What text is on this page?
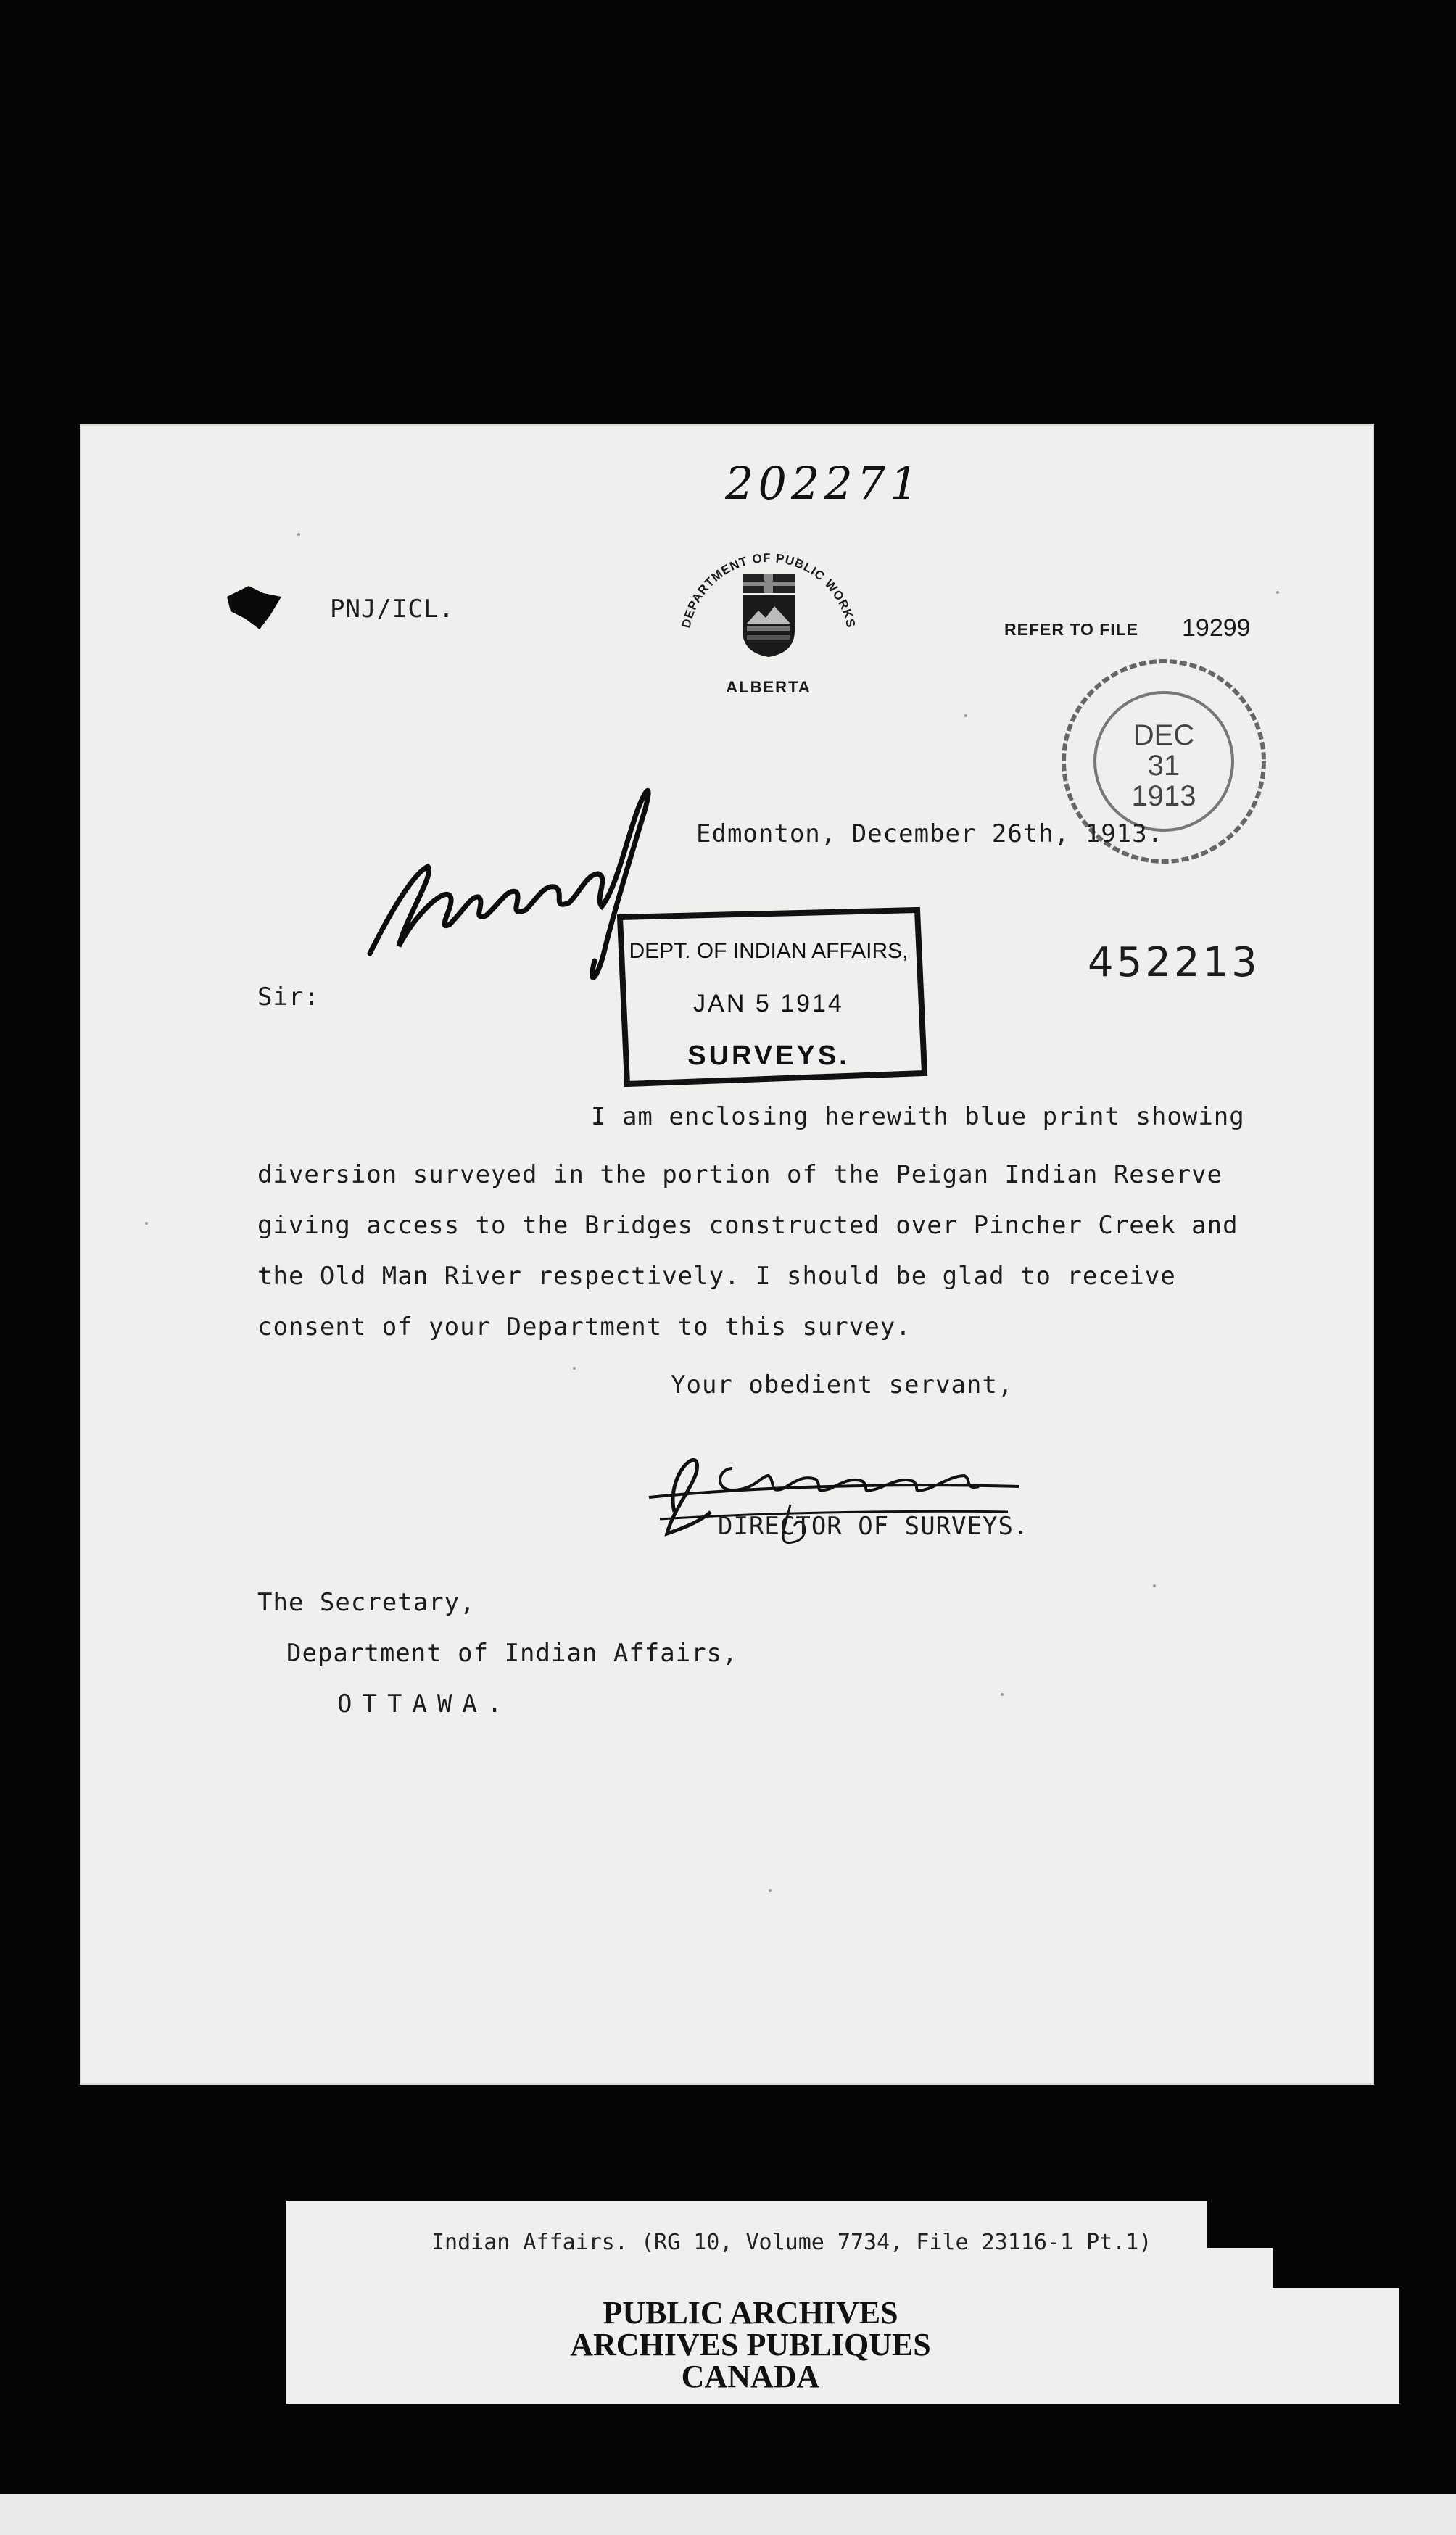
202271
PNJ/ICL.	DEPARTMENT OF PUBLIC WORKS
ALBERTA
REFER TO FILE 19299
DEC
31
1913
Edmonton, December 26th, 1913.
DEPT. OF INDIAN AFFAIRS,
JAN 5 1914
SURVEYS.
Sir:
452213
I am enclosing herewith blue print showing
diversion surveyed in the portion of the Peigan Indian Reserve
giving access to the Bridges constructed over Pincher Creek and
the Old Man River respectively. I should be glad to receive
consent of your Department to this survey.
Your obedient servant,
DIRECTOR OF SURVEYS.
The Secretary,
Department of Indian Affairs,
OTTAWA.
Indian Affairs. (RG 10, Volume 7734, File 23116-1 Pt.1)
PUBLIC ARCHIVES
ARCHIVES PUBLIQUES
CANADA
